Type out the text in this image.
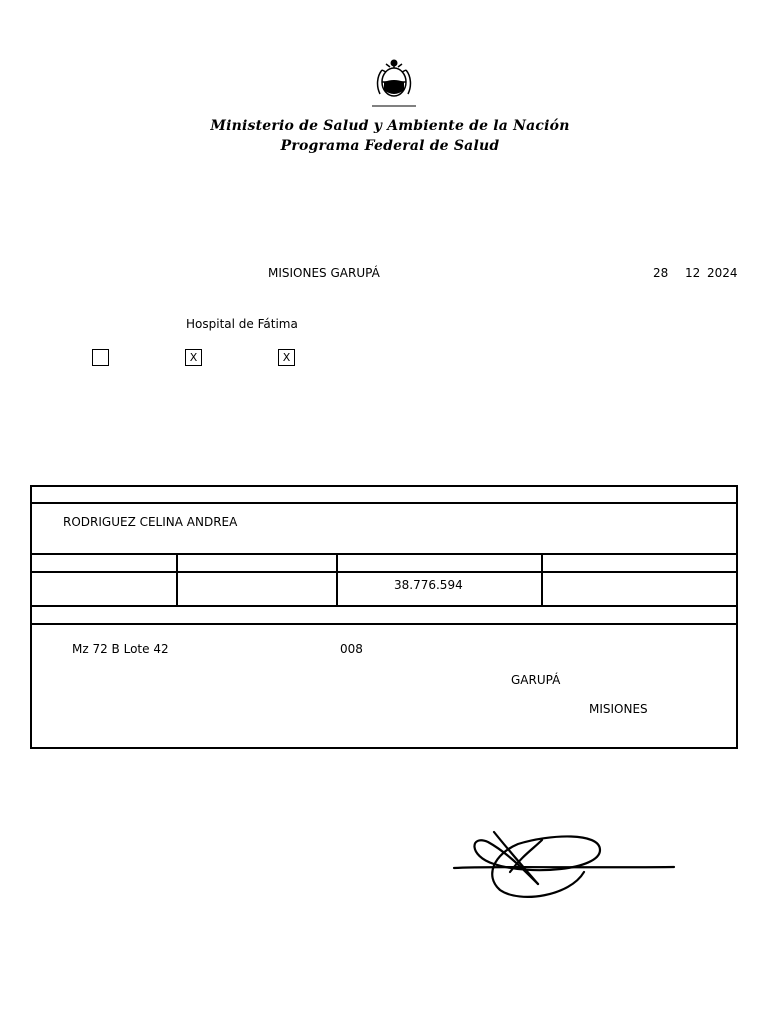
Ministerio de Salud y Ambiente de la Nación
Programa Federal de Salud
MISIONES GARUPÁ	28 12 2024
Hospital de Fátima
X	X
RODRIGUEZ CELINA ANDREA
38.776.594
Mz 72 B Lote 42	008
GARUPÁ
MISIONES
